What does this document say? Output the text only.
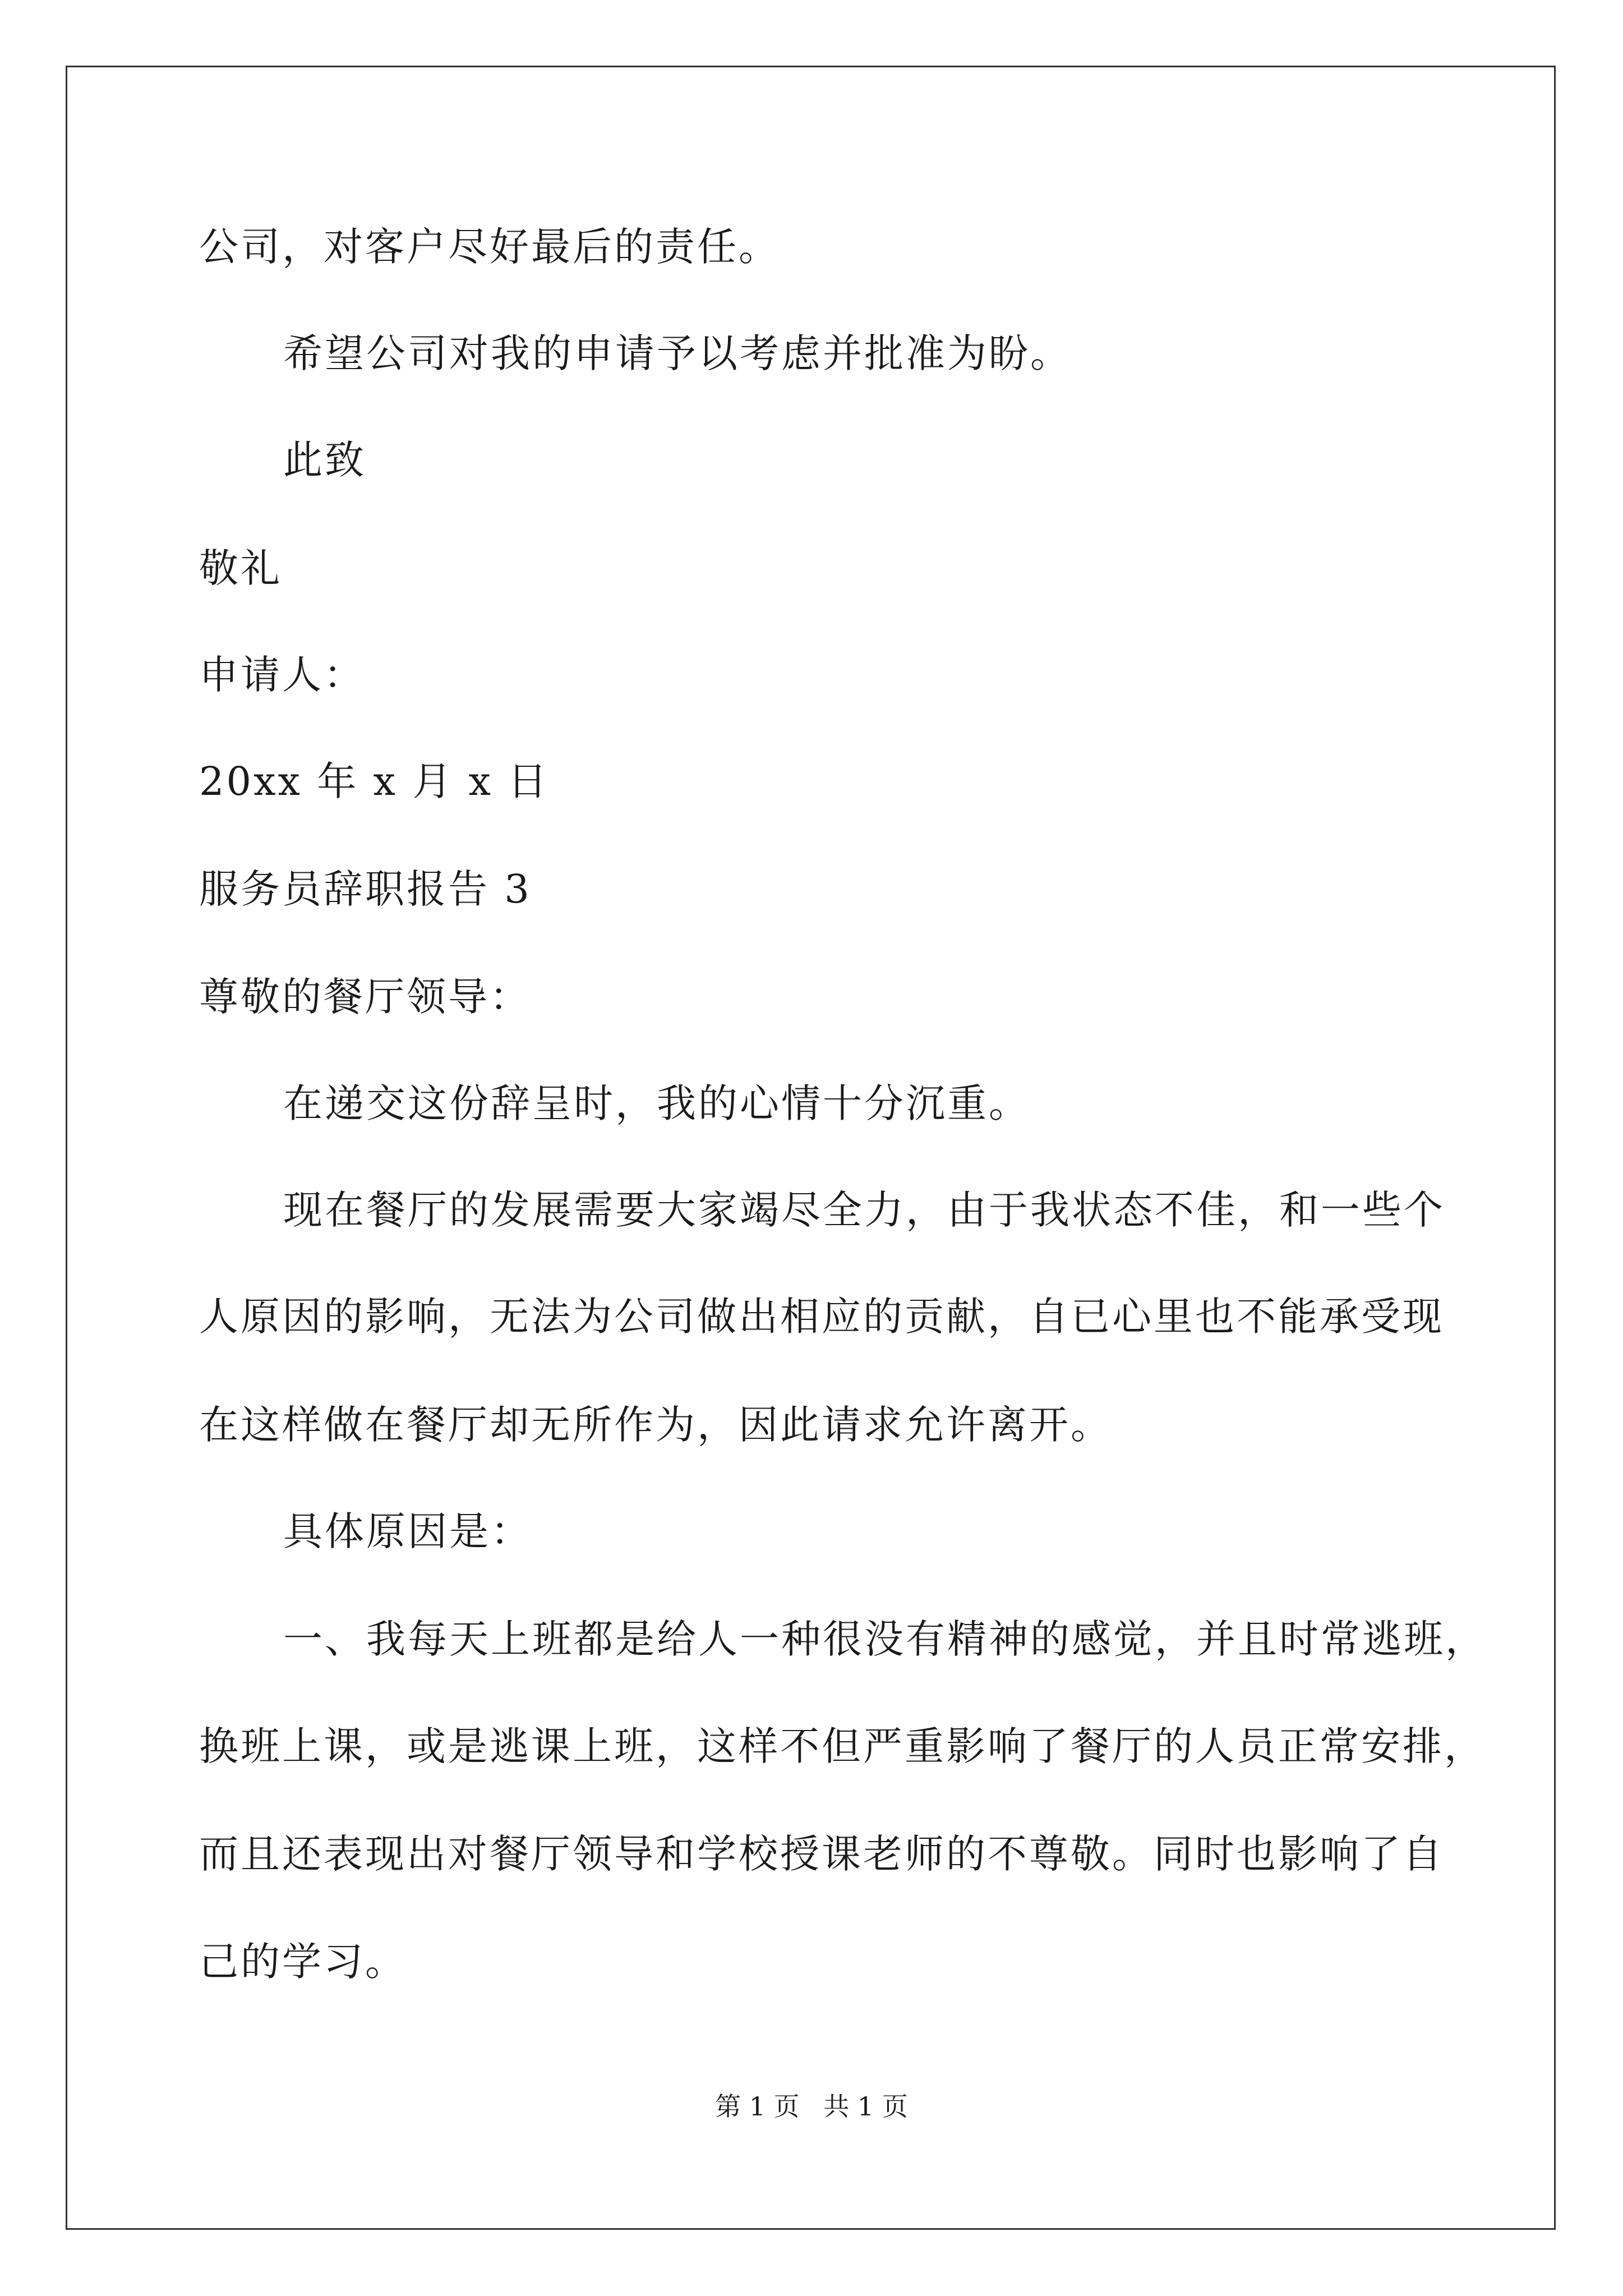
公司，对客户尽好最后的责任。
希望公司对我的申请予以考虑并批准为盼。
此致
敬礼
申请人：
20xx 年 x 月 x 日
服务员辞职报告 3
尊敬的餐厅领导：
在递交这份辞呈时，我的心情十分沉重。
现在餐厅的发展需要大家竭尽全力，由于我状态不佳，和一些个
人原因的影响，无法为公司做出相应的贡献，自已心里也不能承受现
在这样做在餐厅却无所作为，因此请求允许离开。
具体原因是：
一、我每天上班都是给人一种很没有精神的感觉，并且时常逃班，
换班上课，或是逃课上班，这样不但严重影响了餐厅的人员正常安排，
而且还表现出对餐厅领导和学校授课老师的不尊敬。同时也影响了自
己的学习。
第 1 页 共 1 页
